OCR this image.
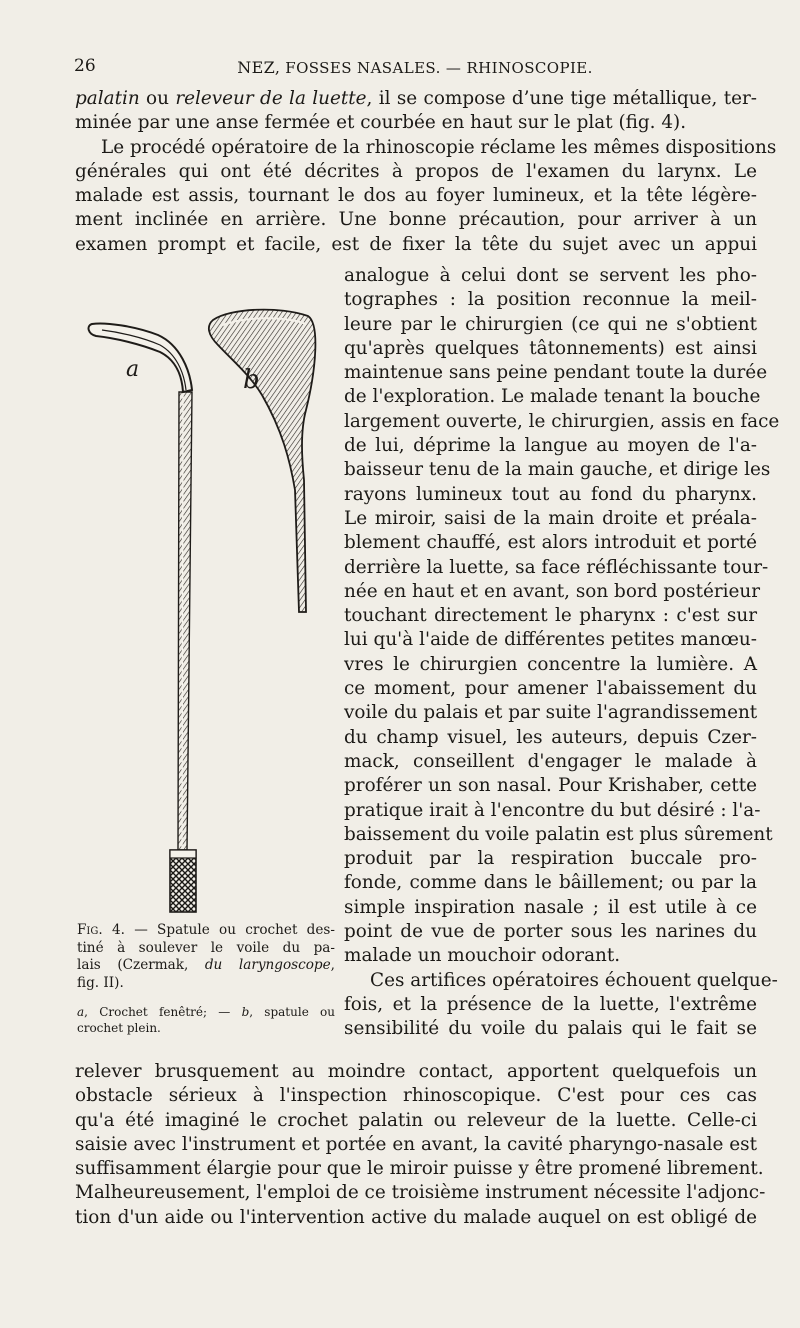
26	NEZ, FOSSES NASALES. — RHINOSCOPIE.
palatin ou releveur de la luette, il se compose d’une tige métallique, ter-
minée par une anse fermée et courbée en haut sur le plat (fig. 4).
Le procédé opératoire de la rhinoscopie réclame les mêmes dispositions
générales qui ont été décrites à propos de l'examen du larynx. Le
malade est assis, tournant le dos au foyer lumineux, et la tête légère-
ment inclinée en arrière. Une bonne précaution, pour arriver à un
examen prompt et facile, est de fixer la tête du sujet avec un appui
a	b
Fig. 4. — Spatule ou crochet des-
tiné à soulever le voile du pa-
lais (Czermak, du laryngoscope,
fig. II).
a, Crochet fenêtré; — b, spatule ou
crochet plein.
analogue à celui dont se servent les pho-
tographes : la position reconnue la meil-
leure par le chirurgien (ce qui ne s'obtient
qu'après quelques tâtonnements) est ainsi
maintenue sans peine pendant toute la durée
de l'exploration. Le malade tenant la bouche
largement ouverte, le chirurgien, assis en face
de lui, déprime la langue au moyen de l'a-
baisseur tenu de la main gauche, et dirige les
rayons lumineux tout au fond du pharynx.
Le miroir, saisi de la main droite et préala-
blement chauffé, est alors introduit et porté
derrière la luette, sa face réfléchissante tour-
née en haut et en avant, son bord postérieur
touchant directement le pharynx : c'est sur
lui qu'à l'aide de différentes petites manœu-
vres le chirurgien concentre la lumière. A
ce moment, pour amener l'abaissement du
voile du palais et par suite l'agrandissement
du champ visuel, les auteurs, depuis Czer-
mack, conseillent d'engager le malade à
proférer un son nasal. Pour Krishaber, cette
pratique irait à l'encontre du but désiré : l'a-
baissement du voile palatin est plus sûrement
produit par la respiration buccale pro-
fonde, comme dans le bâillement; ou par la
simple inspiration nasale ; il est utile à ce
point de vue de porter sous les narines du
malade un mouchoir odorant.
Ces artifices opératoires échouent quelque-
fois, et la présence de la luette, l'extrême
sensibilité du voile du palais qui le fait se
relever brusquement au moindre contact, apportent quelquefois un
obstacle sérieux à l'inspection rhinoscopique. C'est pour ces cas
qu'a été imaginé le crochet palatin ou releveur de la luette. Celle-ci
saisie avec l'instrument et portée en avant, la cavité pharyngo-nasale est
suffisamment élargie pour que le miroir puisse y être promené librement.
Malheureusement, l'emploi de ce troisième instrument nécessite l'adjonc-
tion d'un aide ou l'intervention active du malade auquel on est obligé de
